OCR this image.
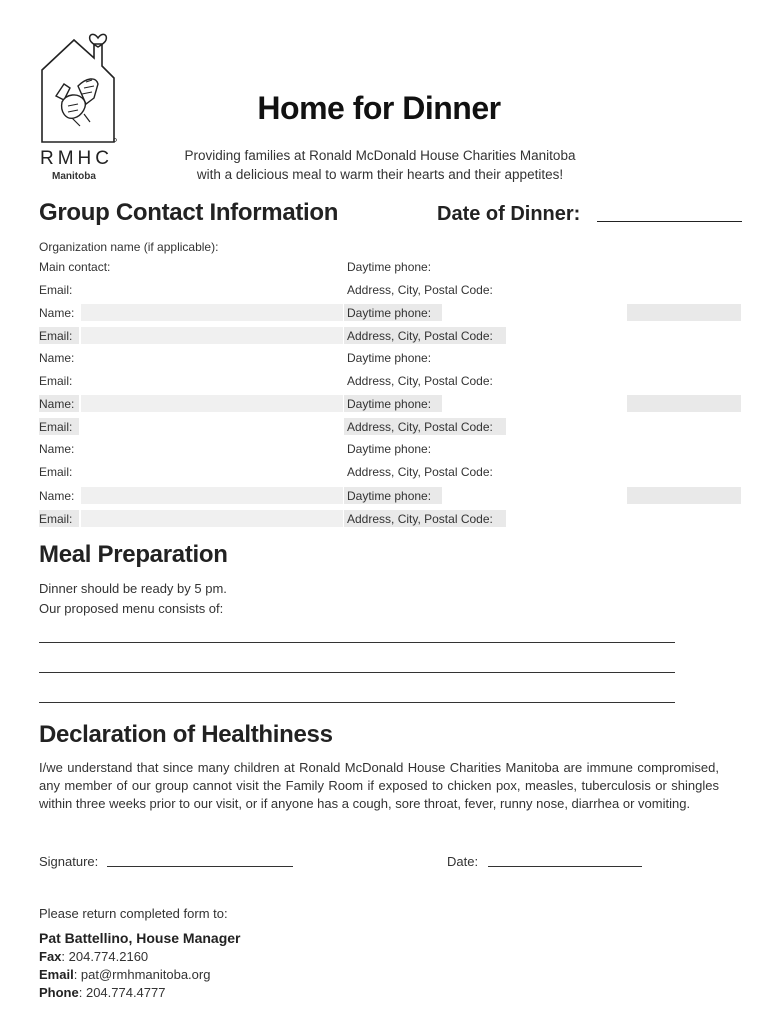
RMHC
Manitoba
Home for Dinner
Providing families at Ronald McDonald House Charities Manitoba
with a delicious meal to warm their hearts and their appetites!
Group Contact Information	Date of Dinner:
Organization name (if applicable):
Main contact:	Daytime phone:
Email:	Address, City, Postal Code:
Name:	Daytime phone:
Email:	Address, City, Postal Code:
Name:	Daytime phone:
Email:	Address, City, Postal Code:
Name:	Daytime phone:
Email:	Address, City, Postal Code:
Name:	Daytime phone:
Email:	Address, City, Postal Code:
Name:	Daytime phone:
Email:	Address, City, Postal Code:
Meal Preparation
Dinner should be ready by 5 pm.
Our proposed menu consists of:
Declaration of Healthiness
I/we understand that since many children at Ronald McDonald House Charities Manitoba are immune compromised, any member of our group cannot visit the Family Room if exposed to chicken pox, measles, tuberculosis or shingles within three weeks prior to our visit, or if anyone has a cough, sore throat, fever, runny nose, diarrhea or vomiting.
Signature:	Date:
Please return completed form to:
Pat Battellino, House Manager
Fax: 204.774.2160
Email: pat@rmhmanitoba.org
Phone: 204.774.4777
